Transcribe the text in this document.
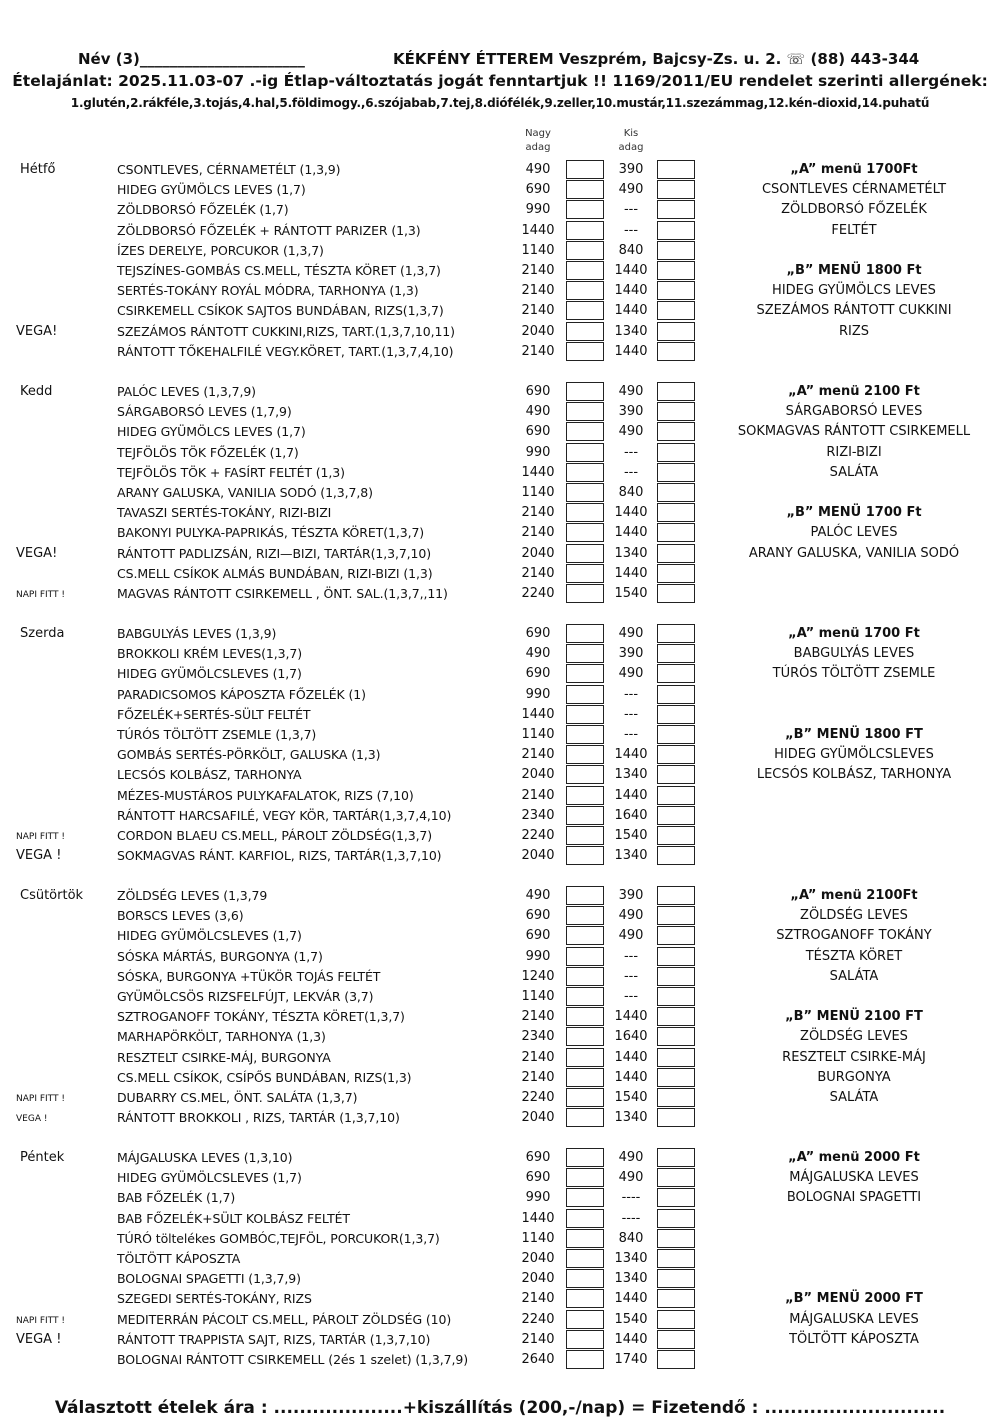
Név (3)______________________	KÉKFÉNY ÉTTEREM Veszprém, Bajcsy-Zs. u. 2. ☏ (88) 443-344
Ételajánlat: 2025.11.03-07 .-ig Étlap-változtatás jogát fenntartjuk !! 1169/2011/EU rendelet szerinti allergének:
1.glutén,2.rákféle,3.tojás,4.hal,5.földimogy.,6.szójabab,7.tej,8.diófélék,9.zeller,10.mustár,11.szezámmag,12.kén-dioxid,14.puhatű
Nagy
adag
Kis
adag
Hétfő	CSONTLEVES, CÉRNAMETÉLT (1,3,9)	490	390	„A” menü 1700Ft
HIDEG GYÜMÖLCS LEVES (1,7)	690	490	CSONTLEVES CÉRNAMETÉLT
ZÖLDBORSÓ FŐZELÉK (1,7)	990	---	ZÖLDBORSÓ FŐZELÉK
ZÖLDBORSÓ FŐZELÉK + RÁNTOTT PARIZER (1,3)	1440	---	FELTÉT
ÍZES DERELYE, PORCUKOR (1,3,7)	1140	840
TEJSZÍNES-GOMBÁS CS.MELL, TÉSZTA KÖRET (1,3,7)	2140	1440	„B” MENÜ 1800 Ft
SERTÉS-TOKÁNY ROYÁL MÓDRA, TARHONYA (1,3)	2140	1440	HIDEG GYÜMÖLCS LEVES
CSIRKEMELL CSÍKOK SAJTOS BUNDÁBAN, RIZS(1,3,7)	2140	1440	SZEZÁMOS RÁNTOTT CUKKINI
VEGA!	SZEZÁMOS RÁNTOTT CUKKINI,RIZS, TART.(1,3,7,10,11)	2040	1340	RIZS
RÁNTOTT TŐKEHALFILÉ VEGY.KÖRET, TART.(1,3,7,4,10)	2140	1440
Kedd	PALÓC LEVES (1,3,7,9)	690	490	„A” menü 2100 Ft
SÁRGABORSÓ LEVES (1,7,9)	490	390	SÁRGABORSÓ LEVES
HIDEG GYÜMÖLCS LEVES (1,7)	690	490	SOKMAGVAS RÁNTOTT CSIRKEMELL
TEJFÖLÖS TÖK FŐZELÉK (1,7)	990	---	RIZI-BIZI
TEJFÖLÖS TÖK + FASÍRT FELTÉT (1,3)	1440	---	SALÁTA
ARANY GALUSKA, VANILIA SODÓ (1,3,7,8)	1140	840
TAVASZI SERTÉS-TOKÁNY, RIZI-BIZI	2140	1440	„B” MENÜ 1700 Ft
BAKONYI PULYKA-PAPRIKÁS, TÉSZTA KÖRET(1,3,7)	2140	1440	PALÓC LEVES
VEGA!	RÁNTOTT PADLIZSÁN, RIZI—BIZI, TARTÁR(1,3,7,10)	2040	1340	ARANY GALUSKA, VANILIA SODÓ
CS.MELL CSÍKOK ALMÁS BUNDÁBAN, RIZI-BIZI (1,3)	2140	1440
NAPI FITT !	MAGVAS RÁNTOTT CSIRKEMELL , ÖNT. SAL.(1,3,7,,11)	2240	1540
Szerda	BABGULYÁS LEVES (1,3,9)	690	490	„A” menü 1700 Ft
BROKKOLI KRÉM LEVES(1,3,7)	490	390	BABGULYÁS LEVES
HIDEG GYÜMÖLCSLEVES (1,7)	690	490	TÚRÓS TÖLTÖTT ZSEMLE
PARADICSOMOS KÁPOSZTA FŐZELÉK (1)	990	---
FŐZELÉK+SERTÉS-SÜLT FELTÉT	1440	---
TÚRÓS TÖLTÖTT ZSEMLE (1,3,7)	1140	---	„B” MENÜ 1800 FT
GOMBÁS SERTÉS-PÖRKÖLT, GALUSKA (1,3)	2140	1440	HIDEG GYÜMÖLCSLEVES
LECSÓS KOLBÁSZ, TARHONYA	2040	1340	LECSÓS KOLBÁSZ, TARHONYA
MÉZES-MUSTÁROS PULYKAFALATOK, RIZS (7,10)	2140	1440
RÁNTOTT HARCSAFILÉ, VEGY KÖR, TARTÁR(1,3,7,4,10)	2340	1640
NAPI FITT !	CORDON BLAEU CS.MELL, PÁROLT ZÖLDSÉG(1,3,7)	2240	1540
VEGA !	SOKMAGVAS RÁNT. KARFIOL, RIZS, TARTÁR(1,3,7,10)	2040	1340
Csütörtök	ZÖLDSÉG LEVES (1,3,79	490	390	„A” menü 2100Ft
BORSCS LEVES (3,6)	690	490	ZÖLDSÉG LEVES
HIDEG GYÜMÖLCSLEVES (1,7)	690	490	SZTROGANOFF TOKÁNY
SÓSKA MÁRTÁS, BURGONYA (1,7)	990	---	TÉSZTA KÖRET
SÓSKA, BURGONYA +TÜKÖR TOJÁS FELTÉT	1240	---	SALÁTA
GYÜMÖLCSÖS RIZSFELFÚJT, LEKVÁR (3,7)	1140	---
SZTROGANOFF TOKÁNY, TÉSZTA KÖRET(1,3,7)	2140	1440	„B” MENÜ 2100 FT
MARHAPÖRKÖLT, TARHONYA (1,3)	2340	1640	ZÖLDSÉG LEVES
RESZTELT CSIRKE-MÁJ, BURGONYA	2140	1440	RESZTELT CSIRKE-MÁJ
CS.MELL CSÍKOK, CSÍPŐS BUNDÁBAN, RIZS(1,3)	2140	1440	BURGONYA
NAPI FITT !	DUBARRY CS.MEL, ÖNT. SALÁTA (1,3,7)	2240	1540	SALÁTA
VEGA !	RÁNTOTT BROKKOLI , RIZS, TARTÁR (1,3,7,10)	2040	1340
Péntek	MÁJGALUSKA LEVES (1,3,10)	690	490	„A” menü 2000 Ft
HIDEG GYÜMÖLCSLEVES (1,7)	690	490	MÁJGALUSKA LEVES
BAB FŐZELÉK (1,7)	990	----	BOLOGNAI SPAGETTI
BAB FŐZELÉK+SÜLT KOLBÁSZ FELTÉT	1440	----
TÚRÓ töltelékes GOMBÓC,TEJFÖL, PORCUKOR(1,3,7)	1140	840
TÖLTÖTT KÁPOSZTA	2040	1340
BOLOGNAI SPAGETTI (1,3,7,9)	2040	1340
SZEGEDI SERTÉS-TOKÁNY, RIZS	2140	1440	„B” MENÜ 2000 FT
NAPI FITT !	MEDITERRÁN PÁCOLT CS.MELL, PÁROLT ZÖLDSÉG (10)	2240	1540	MÁJGALUSKA LEVES
VEGA !	RÁNTOTT TRAPPISTA SAJT, RIZS, TARTÁR (1,3,7,10)	2140	1440	TÖLTÖTT KÁPOSZTA
BOLOGNAI RÁNTOTT CSIRKEMELL (2és 1 szelet) (1,3,7,9)	2640	1740
Választott ételek ára : ....................+kiszállítás (200,-/nap) = Fizetendő : ............................
